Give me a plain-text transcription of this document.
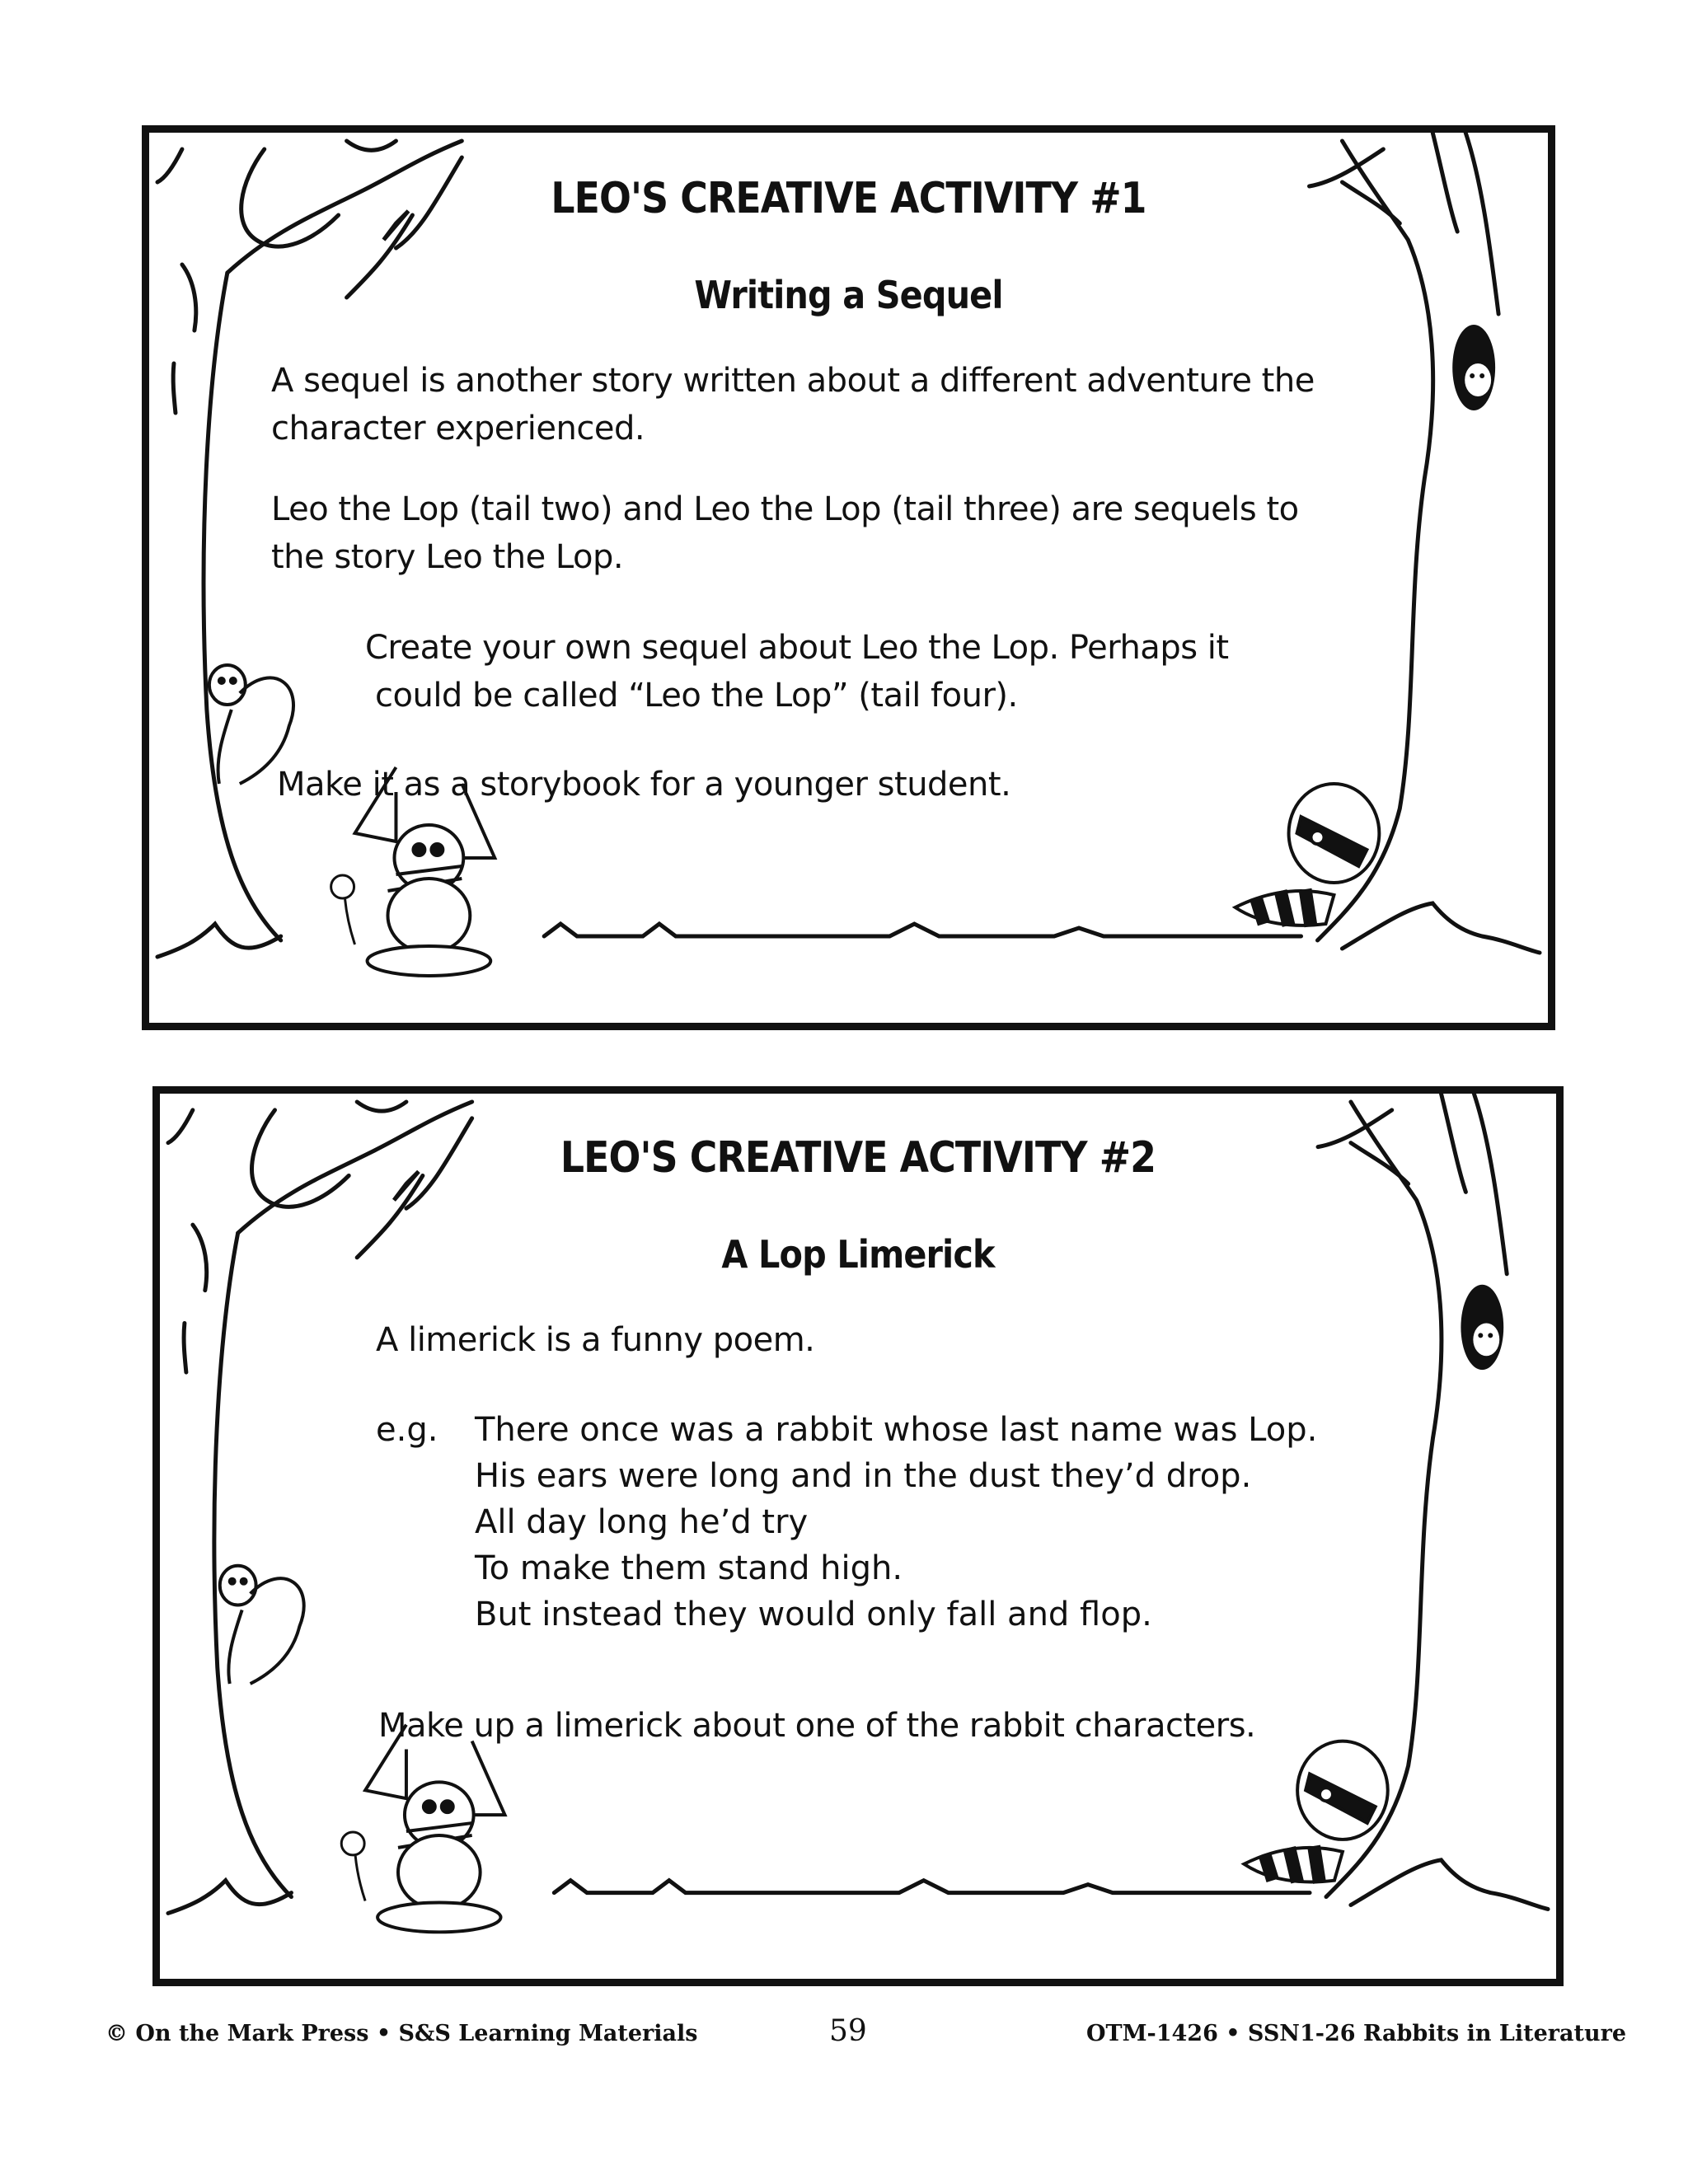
LEO'S CREATIVE ACTIVITY #1
Writing a Sequel
A sequel is another story written about a different adventure the
character experienced.
Leo the Lop (tail two) and Leo the Lop (tail three) are sequels to
the story Leo the Lop.
Create your own sequel about Leo the Lop. Perhaps it
could be called “Leo the Lop” (tail four).
Make it as a storybook for a younger student.
LEO'S CREATIVE ACTIVITY #2
A Lop Limerick
A limerick is a funny poem.
e.g. There once was a rabbit whose last name was Lop.
His ears were long and in the dust they’d drop.
All day long he’d try
To make them stand high.
But instead they would only fall and flop.
Make up a limerick about one of the rabbit characters.
© On the Mark Press • S&S Learning Materials	59	OTM-1426 • SSN1-26 Rabbits in Literature
